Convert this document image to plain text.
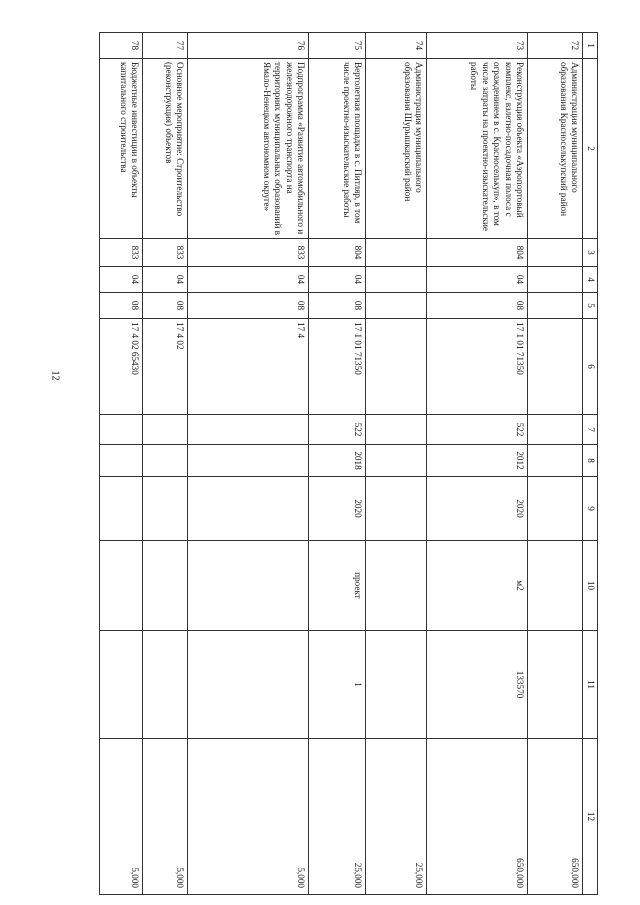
12
1	2	3	4	5	6	7	8	9	10	11	12
72	Администрация муниципального образования Красноселькупский район										650,000
73	Реконструкция объекта «Аэропортовый комплекс, взлетно-посадочная полоса с огражденинем в с. Красноселькуп», в том числе затраты на проектно-изыскательские работы	804	04	08	17 1 01 71350	522	2012	2020	м2	133570	650,000
74	Администрация муниципального образования Шурышкарский район										25,000
75	Вертолетная площадка в с. Питляр, в том числе проектно-изыскательские работы	804	04	08	17 1 01 71350	522	2018	2020	проект	1	25,000
76	Подпрограмма «Развитие автомобильного и железнодорожного транспорта на территориях муниципальных образований в Ямало-Ненецком автономном округе»	833	04	08	17 4						5,000
77	Основное мероприятие: Строительство (реконструкция) объектов	833	04	08	17 4 02						5,000
78	Бюджетные инвестиции в объекты капитального строительства	833	04	08	17 4 02 65430						5,000
